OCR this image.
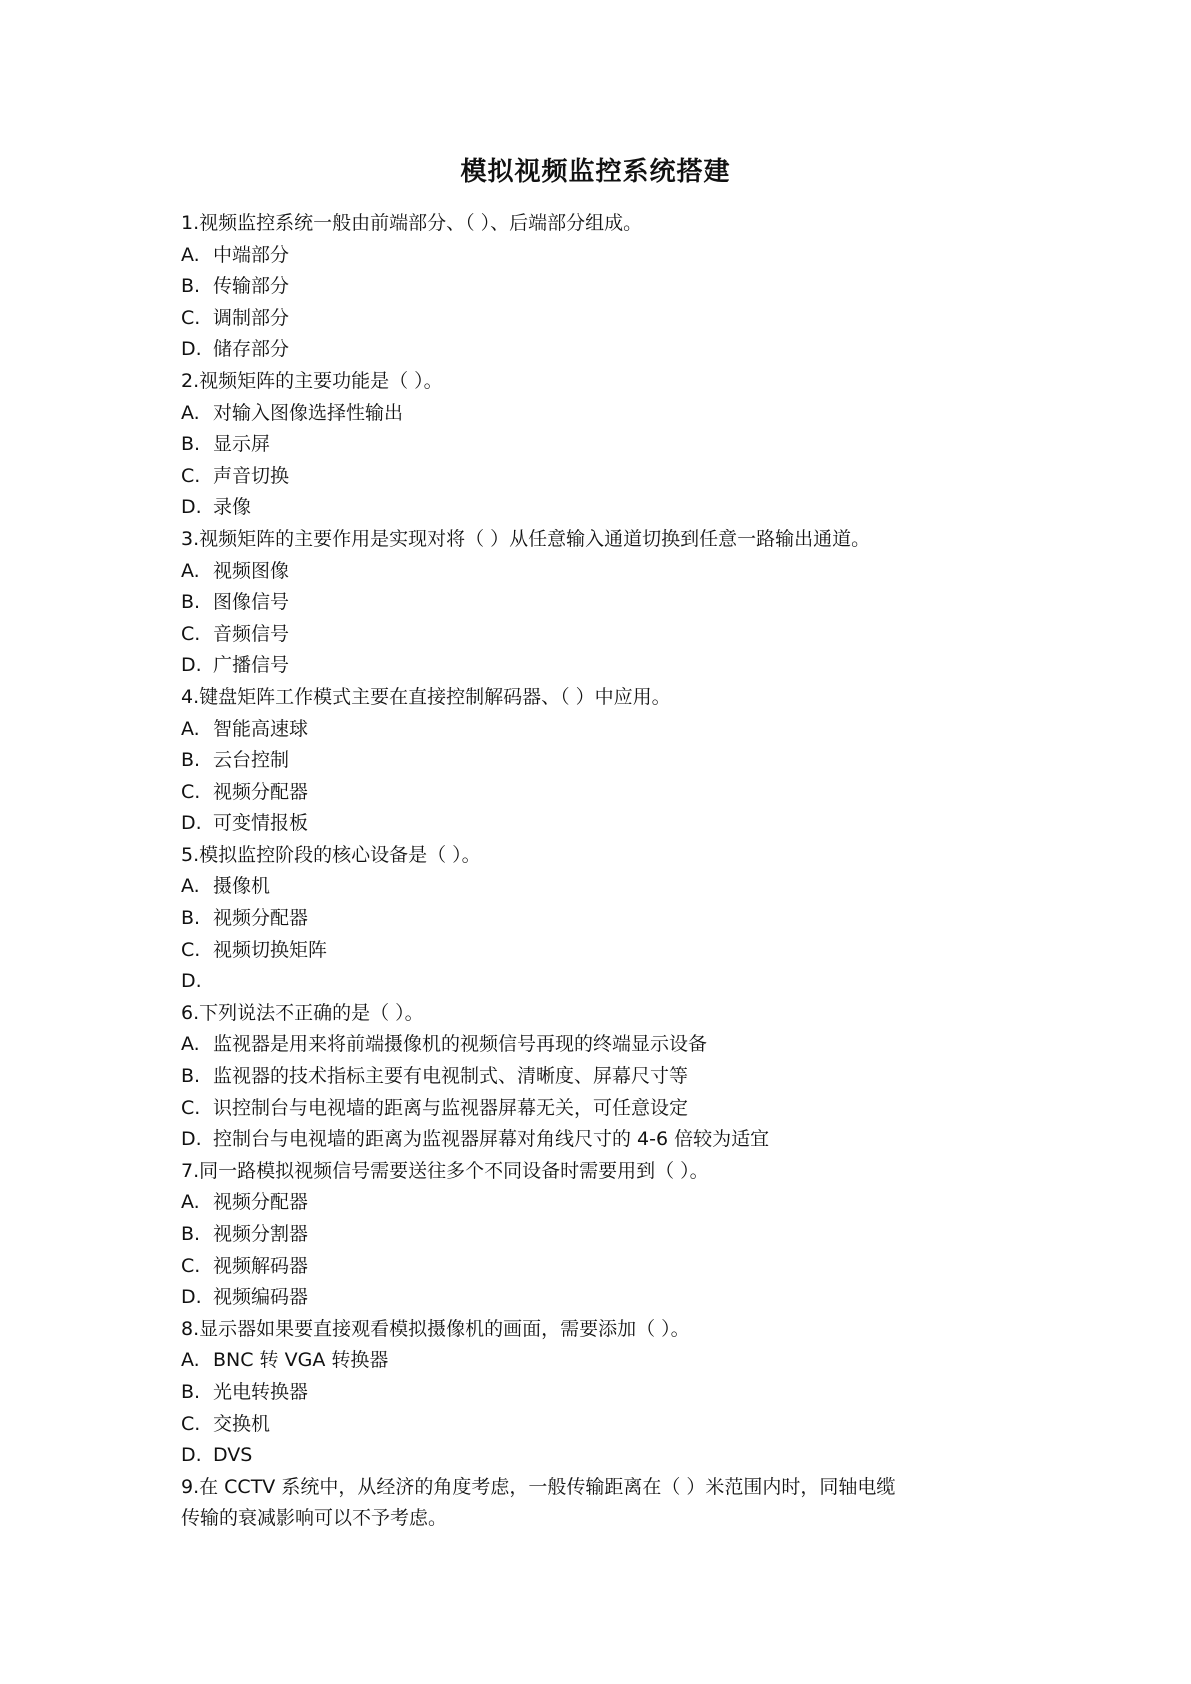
模拟视频监控系统搭建
1.视频监控系统一般由前端部分、（ ）、后端部分组成。
A. 中端部分
B. 传输部分
C. 调制部分
D. 储存部分
2.视频矩阵的主要功能是（ ）。
A. 对输入图像选择性输出
B. 显示屏
C. 声音切换
D. 录像
3.视频矩阵的主要作用是实现对将（ ）从任意输入通道切换到任意一路输出通道。
A. 视频图像
B. 图像信号
C. 音频信号
D. 广播信号
4.键盘矩阵工作模式主要在直接控制解码器、（ ）中应用。
A. 智能高速球
B. 云台控制
C. 视频分配器
D. 可变情报板
5.模拟监控阶段的核心设备是（ ）。
A. 摄像机
B. 视频分配器
C. 视频切换矩阵
D.
6.下列说法不正确的是（ ）。
A. 监视器是用来将前端摄像机的视频信号再现的终端显示设备
B. 监视器的技术指标主要有电视制式、清晰度、屏幕尺寸等
C. 识控制台与电视墙的距离与监视器屏幕无关，可任意设定
D. 控制台与电视墙的距离为监视器屏幕对角线尺寸的 4-6 倍较为适宜
7.同一路模拟视频信号需要送往多个不同设备时需要用到（ ）。
A. 视频分配器
B. 视频分割器
C. 视频解码器
D. 视频编码器
8.显示器如果要直接观看模拟摄像机的画面，需要添加（ ）。
A. BNC 转 VGA 转换器
B. 光电转换器
C. 交换机
D. DVS
9.在 CCTV 系统中，从经济的角度考虑，一般传输距离在（ ）米范围内时，同轴电缆
传输的衰减影响可以不予考虑。
